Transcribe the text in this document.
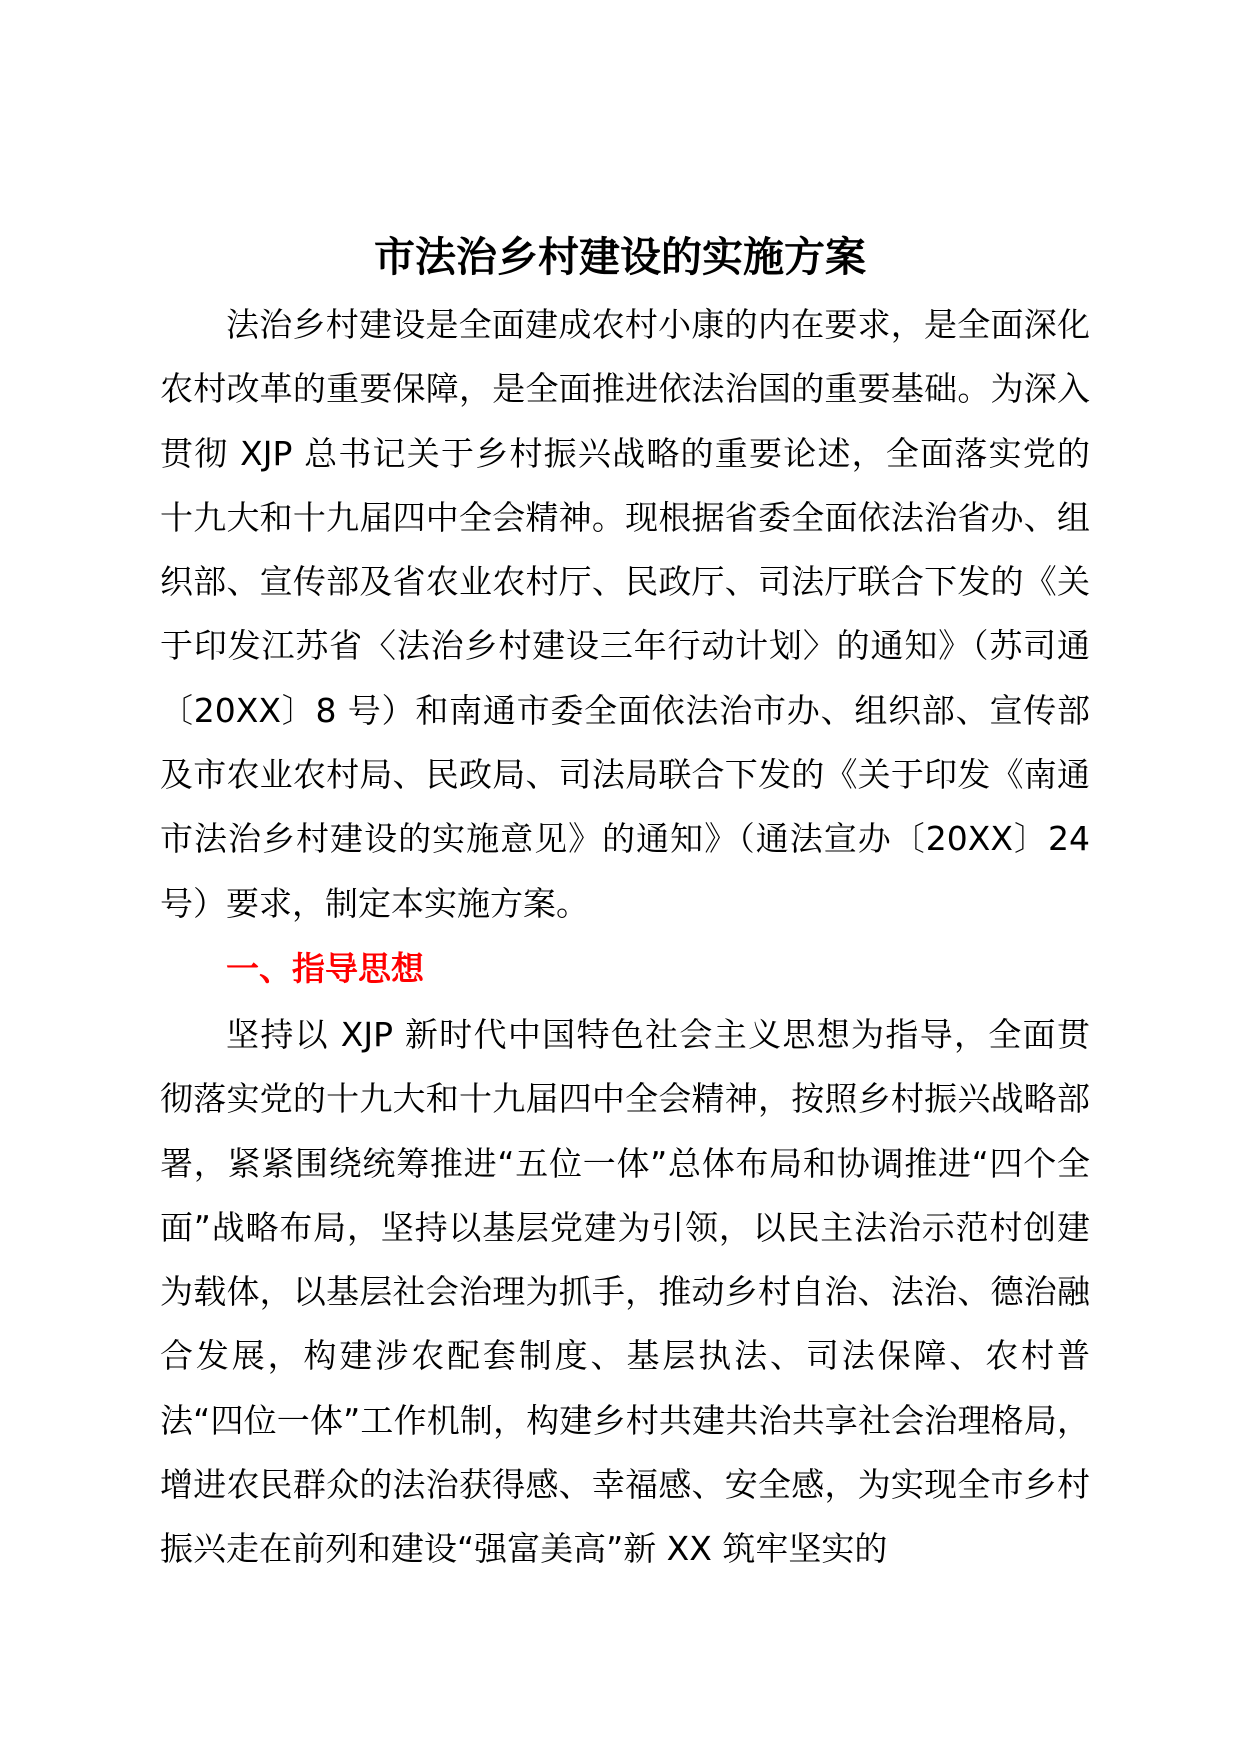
市法治乡村建设的实施方案

法治乡村建设是全面建成农村小康的内在要求，是全面深化农村改革的重要保障，是全面推进依法治国的重要基础。为深入贯彻 XJP 总书记关于乡村振兴战略的重要论述，全面落实党的十九大和十九届四中全会精神。现根据省委全面依法治省办、组织部、宣传部及省农业农村厅、民政厅、司法厅联合下发的《关于印发江苏省〈法治乡村建设三年行动计划〉的通知》（苏司通〔20XX〕8 号）和南通市委全面依法治市办、组织部、宣传部及市农业农村局、民政局、司法局联合下发的《关于印发《南通市法治乡村建设的实施意见》的通知》（通法宣办〔20XX〕24 号）要求，制定本实施方案。

一、指导思想

坚持以 XJP 新时代中国特色社会主义思想为指导，全面贯彻落实党的十九大和十九届四中全会精神，按照乡村振兴战略部署，紧紧围绕统筹推进“五位一体”总体布局和协调推进“四个全面”战略布局，坚持以基层党建为引领，以民主法治示范村创建为载体，以基层社会治理为抓手，推动乡村自治、法治、德治融合发展，构建涉农配套制度、基层执法、司法保障、农村普法“四位一体”工作机制，构建乡村共建共治共享社会治理格局，增进农民群众的法治获得感、幸福感、安全感，为实现全市乡村振兴走在前列和建设“强富美高”新 XX 筑牢坚实的
